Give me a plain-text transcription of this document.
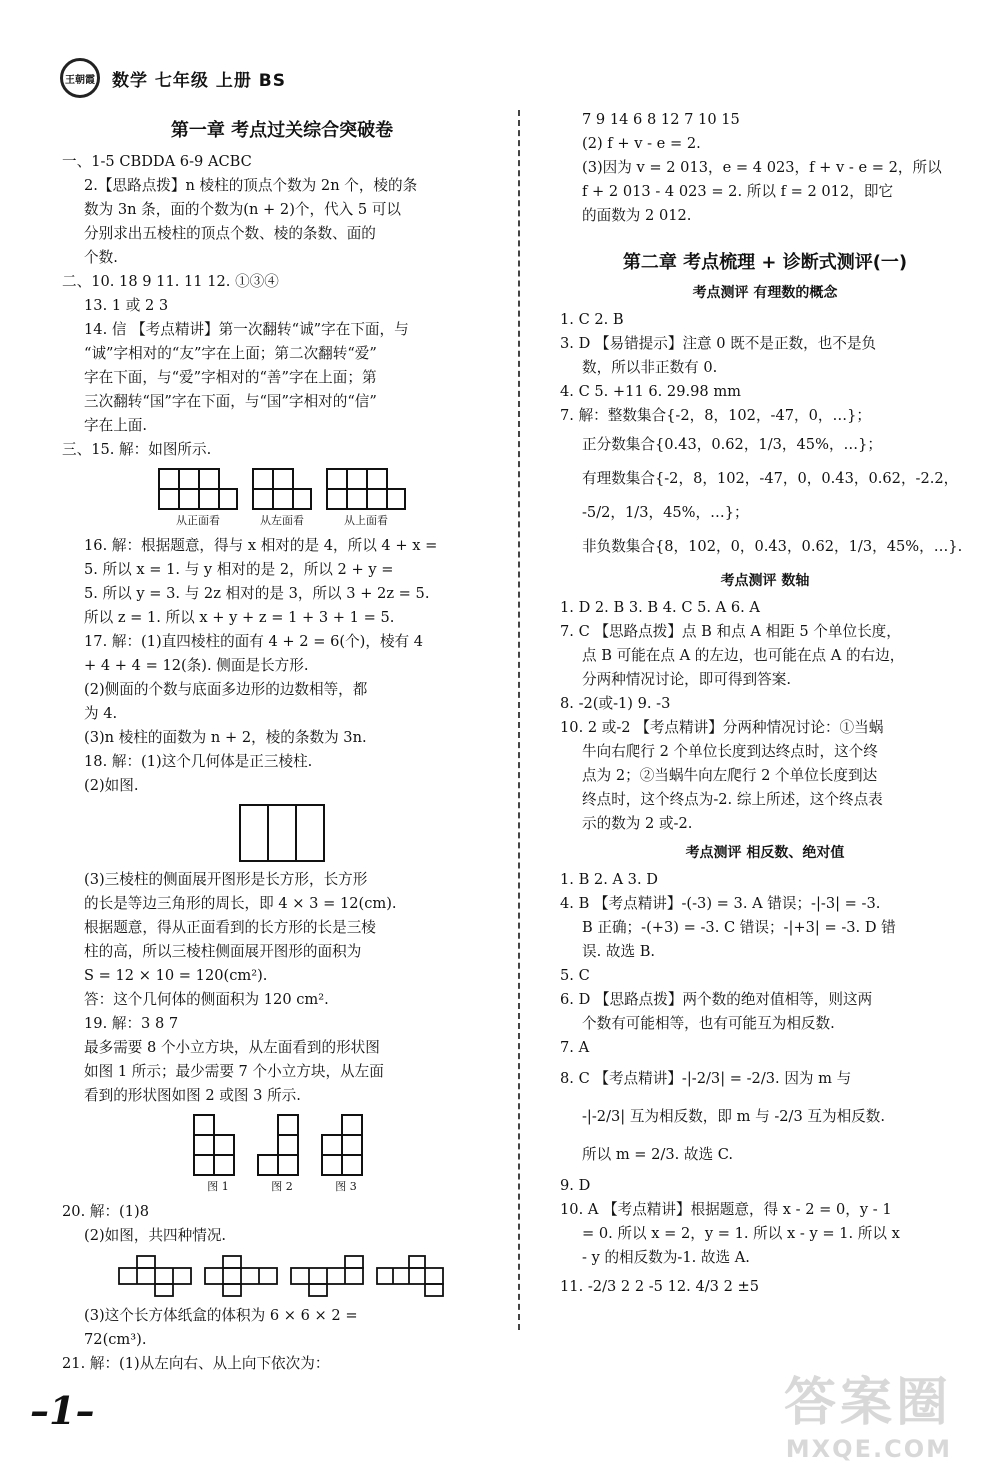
王朝霞 数学 七年级 上册 BS
第一章 考点过关综合突破卷
一、1-5 CBDDA 6-9 ACBC
2.【思路点拨】n 棱柱的顶点个数为 2n 个，棱的条
数为 3n 条，面的个数为(n + 2)个，代入 5 可以
分别求出五棱柱的顶点个数、棱的条数、面的
个数.
二、10. 18 9 11. 11 12. ①③④
13. 1 或 2 3
14. 信 【考点精讲】第一次翻转“诚”字在下面，与
“诚”字相对的“友”字在上面；第二次翻转“爱”
字在下面，与“爱”字相对的“善”字在上面；第
三次翻转“国”字在下面，与“国”字相对的“信”
字在上面.
三、15. 解：如图所示.
从正面看	从左面看	从上面看
16. 解：根据题意，得与 x 相对的是 4，所以 4 + x =
5. 所以 x = 1. 与 y 相对的是 2，所以 2 + y =
5. 所以 y = 3. 与 2z 相对的是 3，所以 3 + 2z = 5.
所以 z = 1. 所以 x + y + z = 1 + 3 + 1 = 5.
17. 解：(1)直四棱柱的面有 4 + 2 = 6(个)，棱有 4
+ 4 + 4 = 12(条). 侧面是长方形.
(2)侧面的个数与底面多边形的边数相等，都
为 4.
(3)n 棱柱的面数为 n + 2，棱的条数为 3n.
18. 解：(1)这个几何体是正三棱柱.
(2)如图.
(3)三棱柱的侧面展开图形是长方形，长方形
的长是等边三角形的周长，即 4 × 3 = 12(cm).
根据题意，得从正面看到的长方形的长是三棱
柱的高，所以三棱柱侧面展开图形的面积为
S = 12 × 10 = 120(cm²).
答：这个几何体的侧面积为 120 cm².
19. 解：3 8 7
最多需要 8 个小立方块，从左面看到的形状图
如图 1 所示；最少需要 7 个小立方块，从左面
看到的形状图如图 2 或图 3 所示.
图 1	图 2	图 3
20. 解：(1)8
(2)如图，共四种情况.
(3)这个长方体纸盒的体积为 6 × 6 × 2 =
72(cm³).
21. 解：(1)从左向右、从上向下依次为：
7 9 14 6 8 12 7 10 15
(2) f + v - e = 2.
(3)因为 v = 2 013，e = 4 023，f + v - e = 2，所以
f + 2 013 - 4 023 = 2. 所以 f = 2 012，即它
的面数为 2 012.
第二章 考点梳理 + 诊断式测评(一)
考点测评 有理数的概念
1. C 2. B
3. D 【易错提示】注意 0 既不是正数，也不是负
数，所以非正数有 0.
4. C 5. +11 6. 29.98 mm
7. 解：整数集合{-2，8，102，-47，0，…}；
正分数集合{0.4̇3，0.62，1/3，45%，…}；
有理数集合{-2，8，102，-47，0，0.4̇3，0.62，-2.2，
-5/2，1/3，45%，…}；
非负数集合{8，102，0，0.4̇3，0.62，1/3，45%，…}.
考点测评 数轴
1. D 2. B 3. B 4. C 5. A 6. A
7. C 【思路点拨】点 B 和点 A 相距 5 个单位长度，
点 B 可能在点 A 的左边，也可能在点 A 的右边，
分两种情况讨论，即可得到答案.
8. -2(或-1) 9. -3
10. 2 或-2 【考点精讲】分两种情况讨论：①当蜗
牛向右爬行 2 个单位长度到达终点时，这个终
点为 2；②当蜗牛向左爬行 2 个单位长度到达
终点时，这个终点为-2. 综上所述，这个终点表
示的数为 2 或-2.
考点测评 相反数、绝对值
1. B 2. A 3. D
4. B 【考点精讲】-(-3) = 3. A 错误；-|-3| = -3.
B 正确；-(+3) = -3. C 错误；-|+3| = -3. D 错
误. 故选 B.
5. C
6. D 【思路点拨】两个数的绝对值相等，则这两
个数有可能相等，也有可能互为相反数.
7. A
8. C 【考点精讲】-|-2/3| = -2/3. 因为 m 与
-|-2/3| 互为相反数，即 m 与 -2/3 互为相反数.
所以 m = 2/3. 故选 C.
9. D
10. A 【考点精讲】根据题意，得 x - 2 = 0，y - 1
= 0. 所以 x = 2，y = 1. 所以 x - y = 1. 所以 x
- y 的相反数为-1. 故选 A.
11. -2/3 2 2 -5 12. 4/3 2 ±5
–1–	答案圈
MXQE.COM
